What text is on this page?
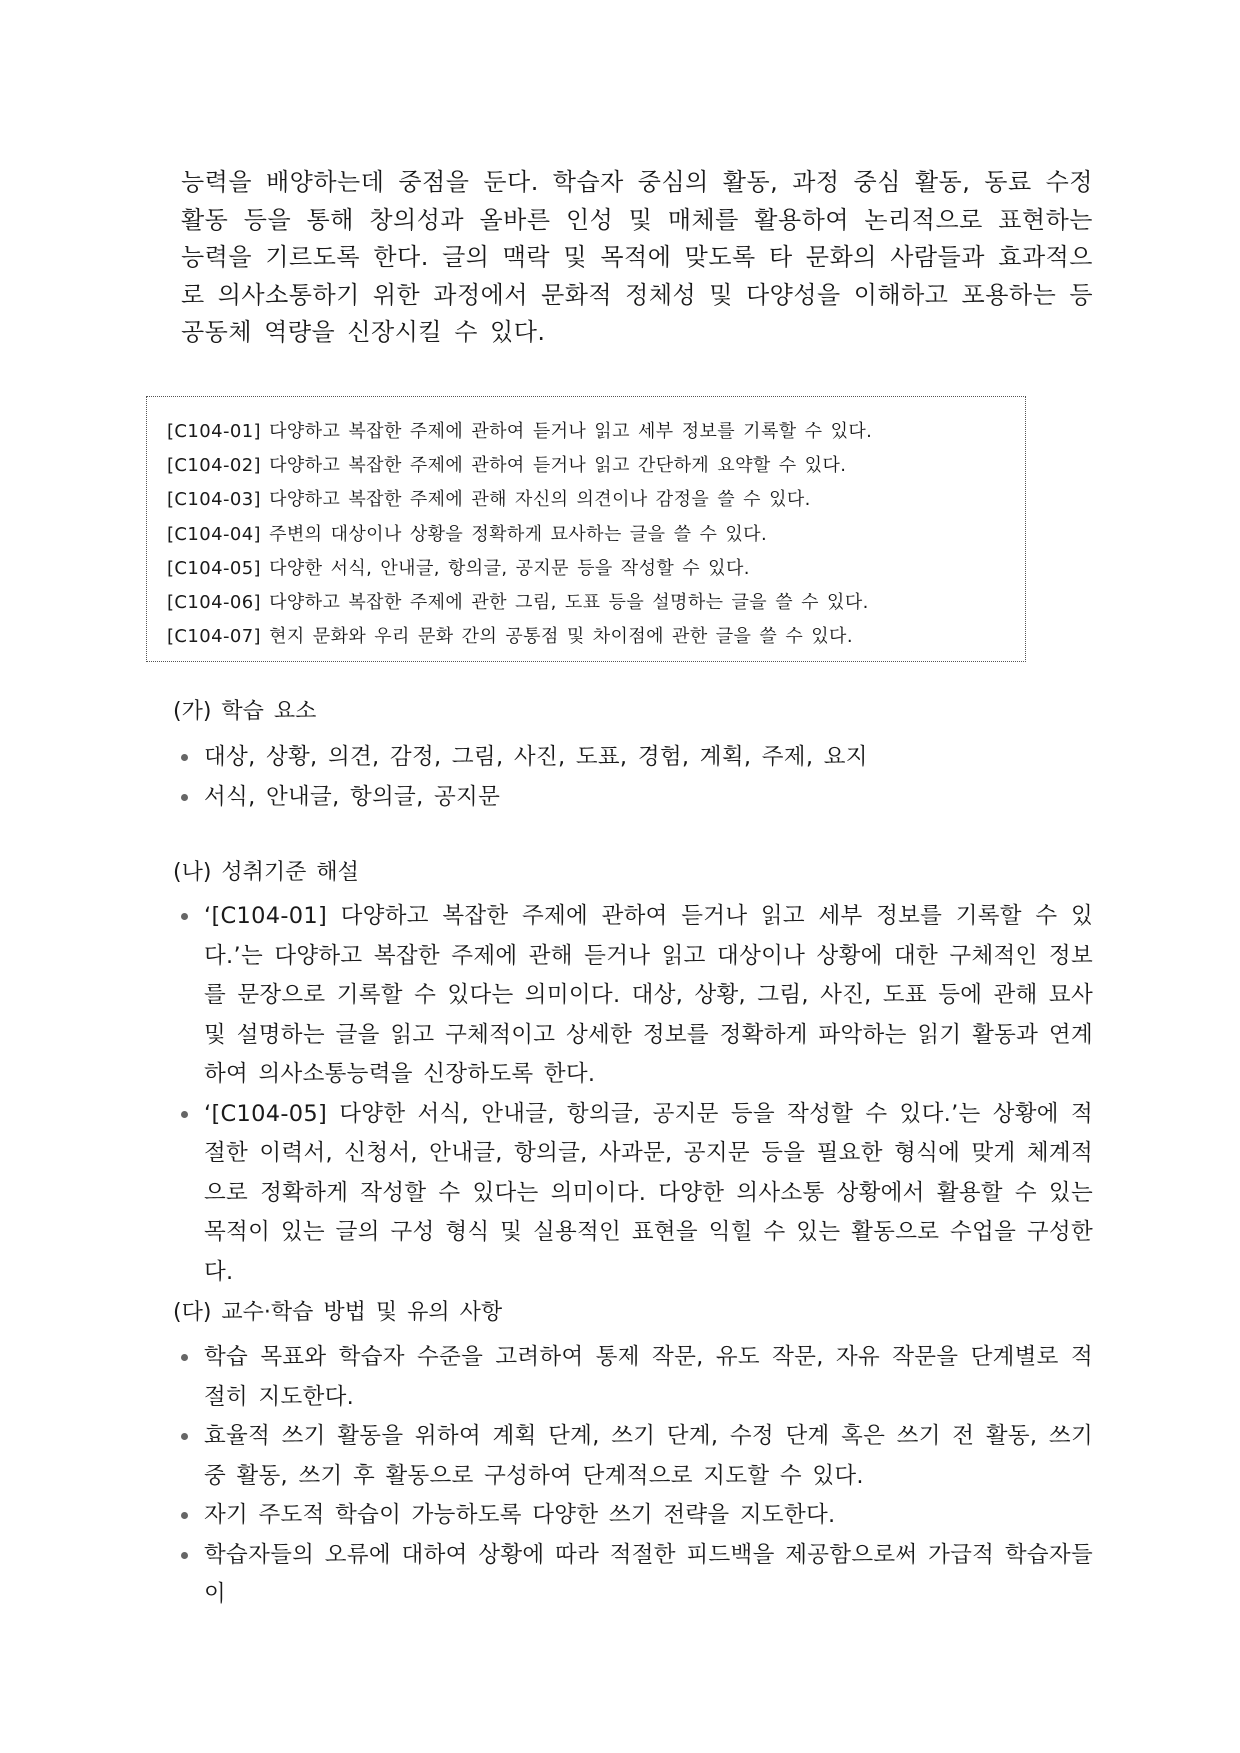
능력을 배양하는데 중점을 둔다. 학습자 중심의 활동, 과정 중심 활동, 동료 수정 활동 등을 통해 창의성과 올바른 인성 및 매체를 활용하여 논리적으로 표현하는 능력을 기르도록 한다. 글의 맥락 및 목적에 맞도록 타 문화의 사람들과 효과적으로 의사소통하기 위한 과정에서 문화적 정체성 및 다양성을 이해하고 포용하는 등 공동체 역량을 신장시킬 수 있다.

[C104-01] 다양하고 복잡한 주제에 관하여 듣거나 읽고 세부 정보를 기록할 수 있다.
[C104-02] 다양하고 복잡한 주제에 관하여 듣거나 읽고 간단하게 요약할 수 있다.
[C104-03] 다양하고 복잡한 주제에 관해 자신의 의견이나 감정을 쓸 수 있다.
[C104-04] 주변의 대상이나 상황을 정확하게 묘사하는 글을 쓸 수 있다.
[C104-05] 다양한 서식, 안내글, 항의글, 공지문 등을 작성할 수 있다.
[C104-06] 다양하고 복잡한 주제에 관한 그림, 도표 등을 설명하는 글을 쓸 수 있다.
[C104-07] 현지 문화와 우리 문화 간의 공통점 및 차이점에 관한 글을 쓸 수 있다.
(가) 학습 요소
대상, 상황, 의견, 감정, 그림, 사진, 도표, 경험, 계획, 주제, 요지
서식, 안내글, 항의글, 공지문
(나) 성취기준 해설
‘[C104-01] 다양하고 복잡한 주제에 관하여 듣거나 읽고 세부 정보를 기록할 수 있다.’는 다양하고 복잡한 주제에 관해 듣거나 읽고 대상이나 상황에 대한 구체적인 정보를 문장으로 기록할 수 있다는 의미이다. 대상, 상황, 그림, 사진, 도표 등에 관해 묘사 및 설명하는 글을 읽고 구체적이고 상세한 정보를 정확하게 파악하는 읽기 활동과 연계하여 의사소통능력을 신장하도록 한다.
‘[C104-05] 다양한 서식, 안내글, 항의글, 공지문 등을 작성할 수 있다.’는 상황에 적절한 이력서, 신청서, 안내글, 항의글, 사과문, 공지문 등을 필요한 형식에 맞게 체계적으로 정확하게 작성할 수 있다는 의미이다. 다양한 의사소통 상황에서 활용할 수 있는 목적이 있는 글의 구성 형식 및 실용적인 표현을 익힐 수 있는 활동으로 수업을 구성한다.
(다) 교수·학습 방법 및 유의 사항
학습 목표와 학습자 수준을 고려하여 통제 작문, 유도 작문, 자유 작문을 단계별로 적절히 지도한다.
효율적 쓰기 활동을 위하여 계획 단계, 쓰기 단계, 수정 단계 혹은 쓰기 전 활동, 쓰기 중 활동, 쓰기 후 활동으로 구성하여 단계적으로 지도할 수 있다.
자기 주도적 학습이 가능하도록 다양한 쓰기 전략을 지도한다.
학습자들의 오류에 대하여 상황에 따라 적절한 피드백을 제공함으로써 가급적 학습자들이
